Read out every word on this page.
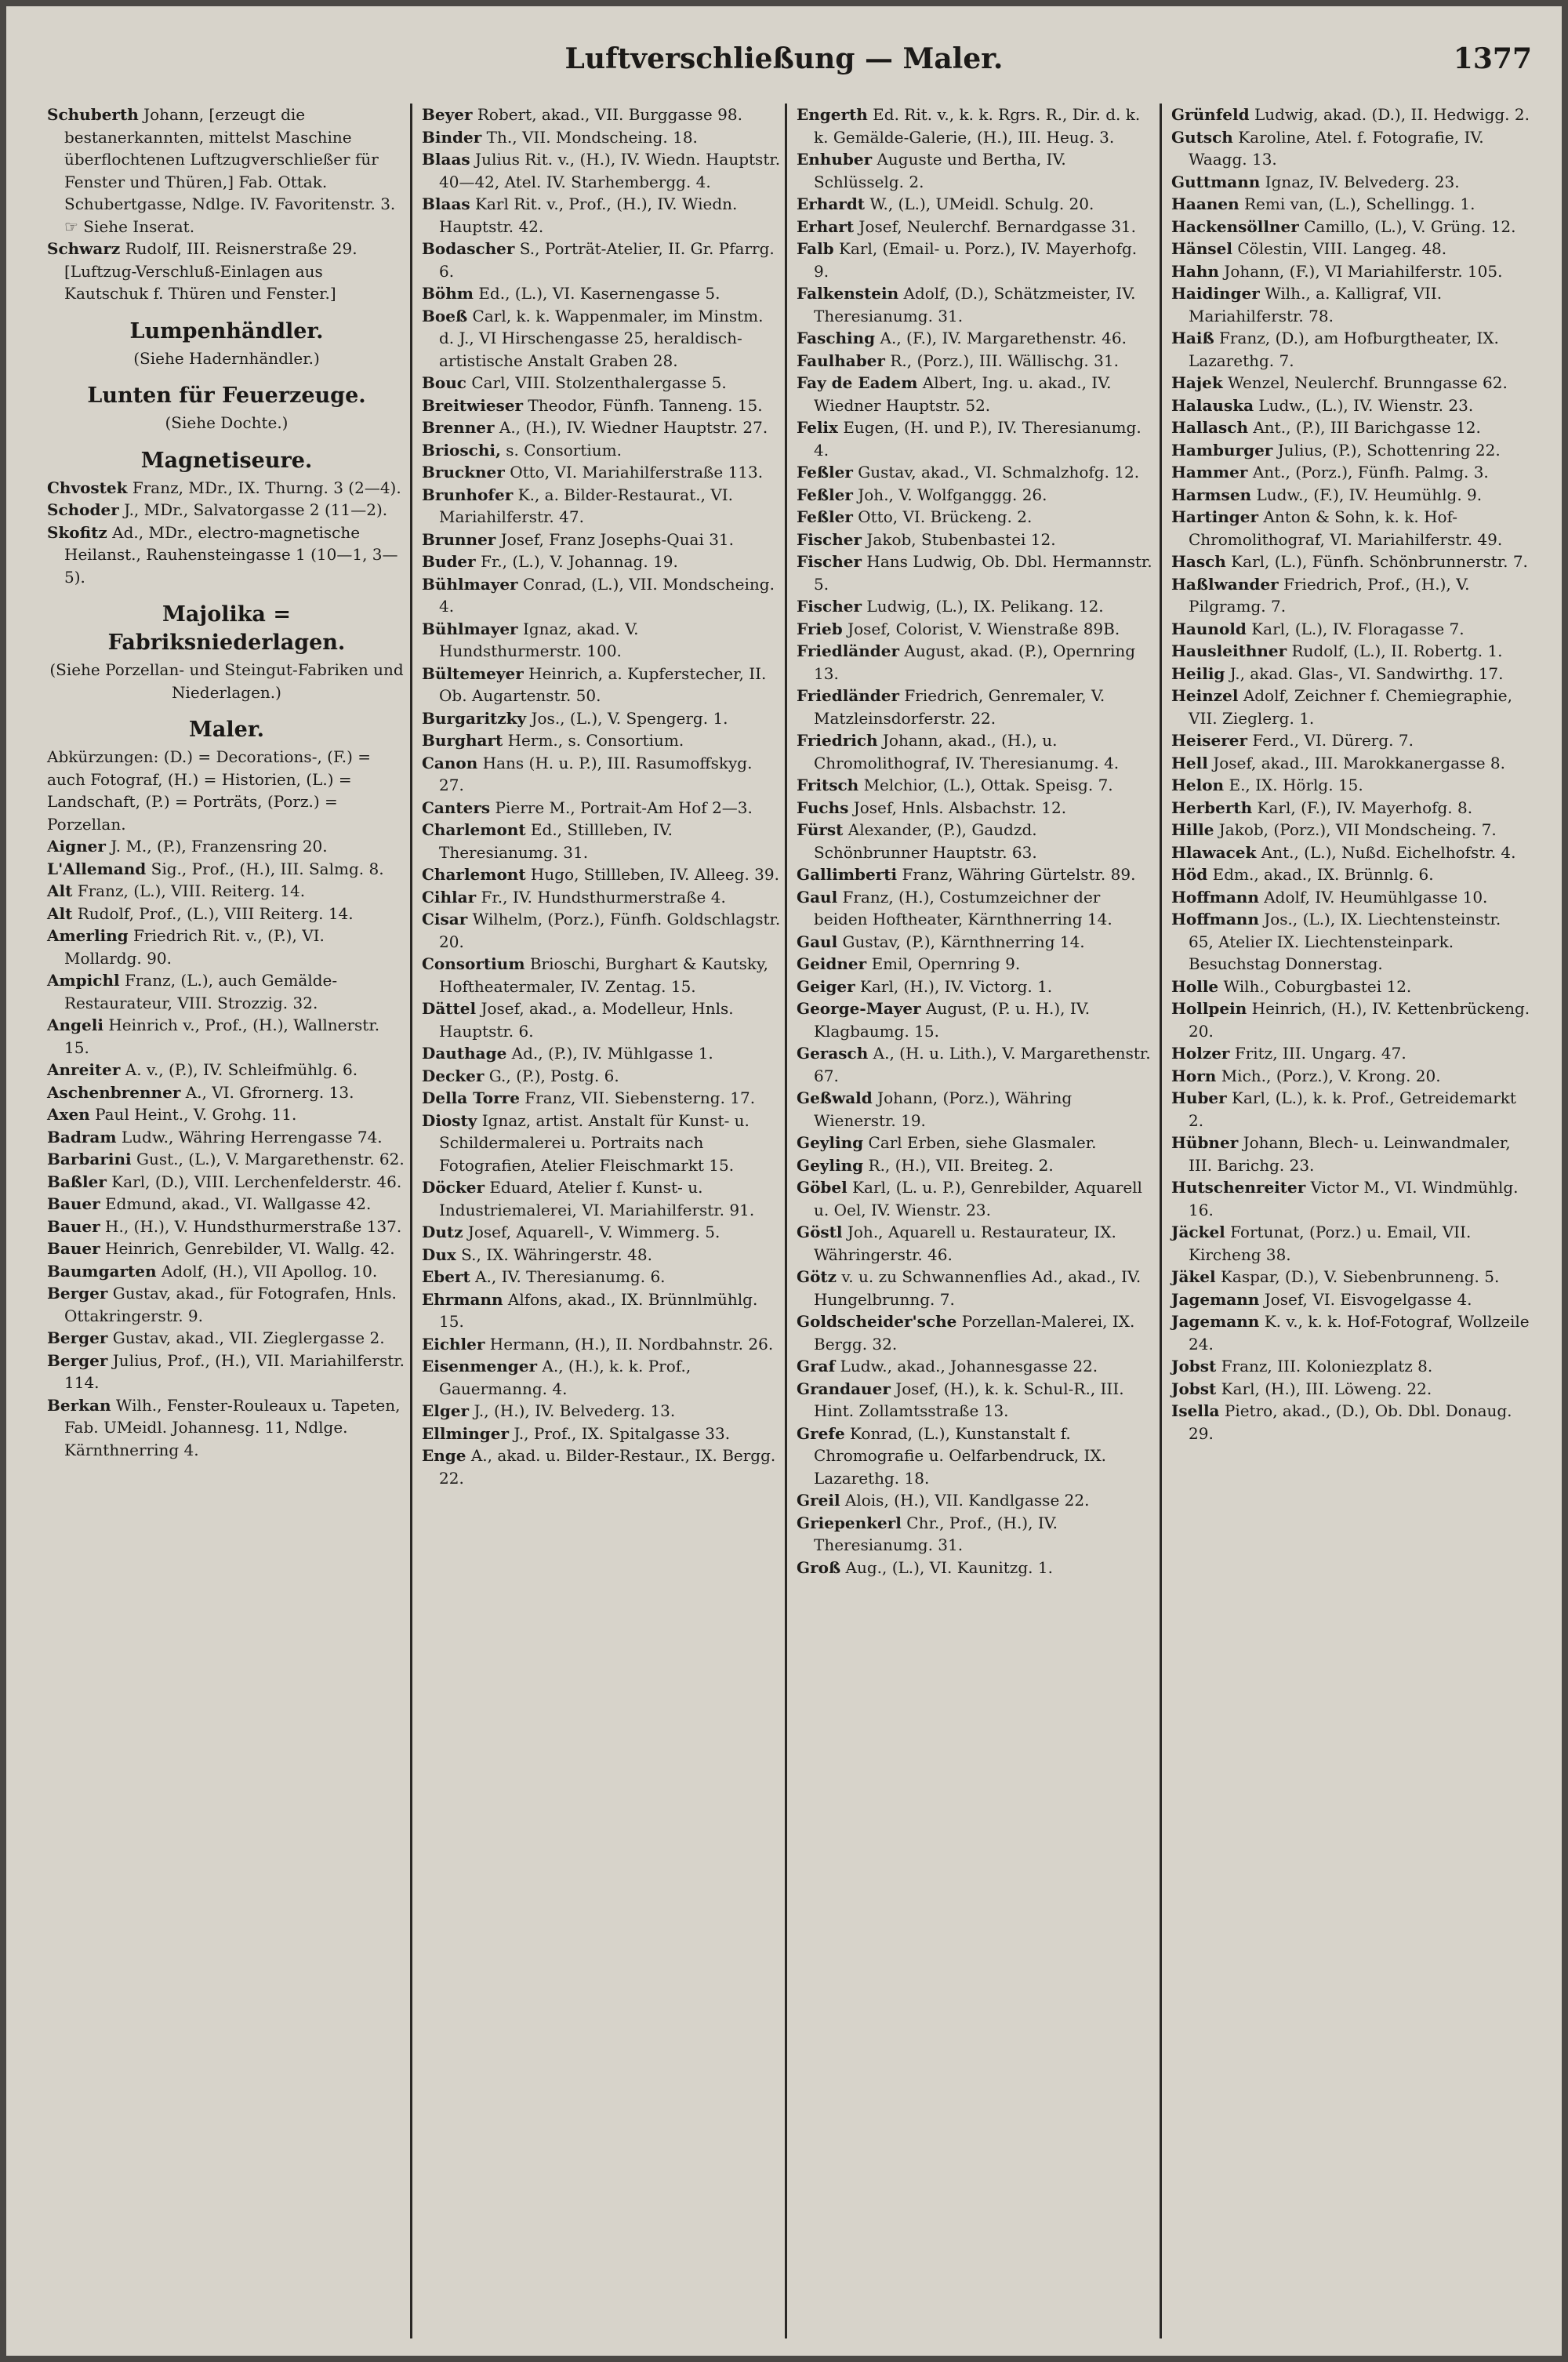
Luftverschließung — Maler.	1377
Schuberth Johann, [erzeugt die bestanerkannten, mittelst Maschine überflochtenen Luftzugverschließer für Fenster und Thüren,] Fab. Ottak. Schubertgasse, Ndlge. IV. Favoritenstr. 3. ☞ Siehe Inserat.
Schwarz Rudolf, III. Reisnerstraße 29. [Luftzug-Verschluß-Einlagen aus Kautschuk f. Thüren und Fenster.]
Lumpenhändler.
(Siehe Hadernhändler.)
Lunten für Feuerzeuge.
(Siehe Dochte.)
Magnetiseure.
Chvostek Franz, MDr., IX. Thurng. 3 (2—4).
Schoder J., MDr., Salvatorgasse 2 (11—2).
Skofitz Ad., MDr., electro-magnetische Heilanst., Rauhensteingasse 1 (10—1, 3—5).
Majolika = Fabriksniederlagen.
(Siehe Porzellan- und Steingut-Fabriken und Niederlagen.)
Maler.
Abkürzungen: (D.) = Decorations-, (F.) = auch Fotograf, (H.) = Historien, (L.) = Landschaft, (P.) = Porträts, (Porz.) = Porzellan.
Aigner J. M., (P.), Franzensring 20.
L'Allemand Sig., Prof., (H.), III. Salmg. 8.
Alt Franz, (L.), VIII. Reiterg. 14.
Alt Rudolf, Prof., (L.), VIII Reiterg. 14.
Amerling Friedrich Rit. v., (P.), VI. Mollardg. 90.
Ampichl Franz, (L.), auch Gemälde-Restaurateur, VIII. Strozzig. 32.
Angeli Heinrich v., Prof., (H.), Wallnerstr. 15.
Anreiter A. v., (P.), IV. Schleifmühlg. 6.
Aschenbrenner A., VI. Gfrornerg. 13.
Axen Paul Heint., V. Grohg. 11.
Badram Ludw., Währing Herrengasse 74.
Barbarini Gust., (L.), V. Margarethenstr. 62.
Baßler Karl, (D.), VIII. Lerchenfelderstr. 46.
Bauer Edmund, akad., VI. Wallgasse 42.
Bauer H., (H.), V. Hundsthurmerstraße 137.
Bauer Heinrich, Genrebilder, VI. Wallg. 42.
Baumgarten Adolf, (H.), VII Apollog. 10.
Berger Gustav, akad., für Fotografen, Hnls. Ottakringerstr. 9.
Berger Gustav, akad., VII. Zieglergasse 2.
Berger Julius, Prof., (H.), VII. Mariahilferstr. 114.
Berkan Wilh., Fenster-Rouleaux u. Tapeten, Fab. UMeidl. Johannesg. 11, Ndlge. Kärnthnerring 4.
Beyer Robert, akad., VII. Burggasse 98.
Binder Th., VII. Mondscheing. 18.
Blaas Julius Rit. v., (H.), IV. Wiedn. Hauptstr. 40—42, Atel. IV. Starhembergg. 4.
Blaas Karl Rit. v., Prof., (H.), IV. Wiedn. Hauptstr. 42.
Bodascher S., Porträt-Atelier, II. Gr. Pfarrg. 6.
Böhm Ed., (L.), VI. Kasernengasse 5.
Boeß Carl, k. k. Wappenmaler, im Minstm. d. J., VI Hirschengasse 25, heraldisch-artistische Anstalt Graben 28.
Bouc Carl, VIII. Stolzenthalergasse 5.
Breitwieser Theodor, Fünfh. Tanneng. 15.
Brenner A., (H.), IV. Wiedner Hauptstr. 27.
Brioschi, s. Consortium.
Bruckner Otto, VI. Mariahilferstraße 113.
Brunhofer K., a. Bilder-Restaurat., VI. Mariahilferstr. 47.
Brunner Josef, Franz Josephs-Quai 31.
Buder Fr., (L.), V. Johannag. 19.
Bühlmayer Conrad, (L.), VII. Mondscheing. 4.
Bühlmayer Ignaz, akad. V. Hundsthurmerstr. 100.
Bültemeyer Heinrich, a. Kupferstecher, II. Ob. Augartenstr. 50.
Burgaritzky Jos., (L.), V. Spengerg. 1.
Burghart Herm., s. Consortium.
Canon Hans (H. u. P.), III. Rasumoffskyg. 27.
Canters Pierre M., Portrait-Am Hof 2—3.
Charlemont Ed., Stillleben, IV. Theresianumg. 31.
Charlemont Hugo, Stillleben, IV. Alleeg. 39.
Cihlar Fr., IV. Hundsthurmerstraße 4.
Cisar Wilhelm, (Porz.), Fünfh. Goldschlagstr. 20.
Consortium Brioschi, Burghart & Kautsky, Hoftheatermaler, IV. Zentag. 15.
Dättel Josef, akad., a. Modelleur, Hnls. Hauptstr. 6.
Dauthage Ad., (P.), IV. Mühlgasse 1.
Decker G., (P.), Postg. 6.
Della Torre Franz, VII. Siebensterng. 17.
Diosty Ignaz, artist. Anstalt für Kunst- u. Schildermalerei u. Portraits nach Fotografien, Atelier Fleischmarkt 15.
Döcker Eduard, Atelier f. Kunst- u. Industriemalerei, VI. Mariahilferstr. 91.
Dutz Josef, Aquarell-, V. Wimmerg. 5.
Dux S., IX. Währingerstr. 48.
Ebert A., IV. Theresianumg. 6.
Ehrmann Alfons, akad., IX. Brünnlmühlg. 15.
Eichler Hermann, (H.), II. Nordbahnstr. 26.
Eisenmenger A., (H.), k. k. Prof., Gauermanng. 4.
Elger J., (H.), IV. Belvederg. 13.
Ellminger J., Prof., IX. Spitalgasse 33.
Enge A., akad. u. Bilder-Restaur., IX. Bergg. 22.
Engerth Ed. Rit. v., k. k. Rgrs. R., Dir. d. k. k. Gemälde-Galerie, (H.), III. Heug. 3.
Enhuber Auguste und Bertha, IV. Schlüsselg. 2.
Erhardt W., (L.), UMeidl. Schulg. 20.
Erhart Josef, Neulerchf. Bernardgasse 31.
Falb Karl, (Email- u. Porz.), IV. Mayerhofg. 9.
Falkenstein Adolf, (D.), Schätzmeister, IV. Theresianumg. 31.
Fasching A., (F.), IV. Margarethenstr. 46.
Faulhaber R., (Porz.), III. Wällischg. 31.
Fay de Eadem Albert, Ing. u. akad., IV. Wiedner Hauptstr. 52.
Felix Eugen, (H. und P.), IV. Theresianumg. 4.
Feßler Gustav, akad., VI. Schmalzhofg. 12.
Feßler Joh., V. Wolfganggg. 26.
Feßler Otto, VI. Brückeng. 2.
Fischer Jakob, Stubenbastei 12.
Fischer Hans Ludwig, Ob. Dbl. Hermannstr. 5.
Fischer Ludwig, (L.), IX. Pelikang. 12.
Frieb Josef, Colorist, V. Wienstraße 89B.
Friedländer August, akad. (P.), Opernring 13.
Friedländer Friedrich, Genremaler, V. Matzleinsdorferstr. 22.
Friedrich Johann, akad., (H.), u. Chromolithograf, IV. Theresianumg. 4.
Fritsch Melchior, (L.), Ottak. Speisg. 7.
Fuchs Josef, Hnls. Alsbachstr. 12.
Fürst Alexander, (P.), Gaudzd. Schönbrunner Hauptstr. 63.
Gallimberti Franz, Währing Gürtelstr. 89.
Gaul Franz, (H.), Costumzeichner der beiden Hoftheater, Kärnthnerring 14.
Gaul Gustav, (P.), Kärnthnerring 14.
Geidner Emil, Opernring 9.
Geiger Karl, (H.), IV. Victorg. 1.
George-Mayer August, (P. u. H.), IV. Klagbaumg. 15.
Gerasch A., (H. u. Lith.), V. Margarethenstr. 67.
Geßwald Johann, (Porz.), Währing Wienerstr. 19.
Geyling Carl Erben, siehe Glasmaler.
Geyling R., (H.), VII. Breiteg. 2.
Göbel Karl, (L. u. P.), Genrebilder, Aquarell u. Oel, IV. Wienstr. 23.
Göstl Joh., Aquarell u. Restaurateur, IX. Währingerstr. 46.
Götz v. u. zu Schwannenflies Ad., akad., IV. Hungelbrunng. 7.
Goldscheider'sche Porzellan-Malerei, IX. Bergg. 32.
Graf Ludw., akad., Johannesgasse 22.
Grandauer Josef, (H.), k. k. Schul-R., III. Hint. Zollamtsstraße 13.
Grefe Konrad, (L.), Kunstanstalt f. Chromografie u. Oelfarbendruck, IX. Lazarethg. 18.
Greil Alois, (H.), VII. Kandlgasse 22.
Griepenkerl Chr., Prof., (H.), IV. Theresianumg. 31.
Groß Aug., (L.), VI. Kaunitzg. 1.
Grünfeld Ludwig, akad. (D.), II. Hedwigg. 2.
Gutsch Karoline, Atel. f. Fotografie, IV. Waagg. 13.
Guttmann Ignaz, IV. Belvederg. 23.
Haanen Remi van, (L.), Schellingg. 1.
Hackensöllner Camillo, (L.), V. Grüng. 12.
Hänsel Cölestin, VIII. Langeg. 48.
Hahn Johann, (F.), VI Mariahilferstr. 105.
Haidinger Wilh., a. Kalligraf, VII. Mariahilferstr. 78.
Haiß Franz, (D.), am Hofburgtheater, IX. Lazarethg. 7.
Hajek Wenzel, Neulerchf. Brunngasse 62.
Halauska Ludw., (L.), IV. Wienstr. 23.
Hallasch Ant., (P.), III Barichgasse 12.
Hamburger Julius, (P.), Schottenring 22.
Hammer Ant., (Porz.), Fünfh. Palmg. 3.
Harmsen Ludw., (F.), IV. Heumühlg. 9.
Hartinger Anton & Sohn, k. k. Hof-Chromolithograf, VI. Mariahilferstr. 49.
Hasch Karl, (L.), Fünfh. Schönbrunnerstr. 7.
Haßlwander Friedrich, Prof., (H.), V. Pilgramg. 7.
Haunold Karl, (L.), IV. Floragasse 7.
Hausleithner Rudolf, (L.), II. Robertg. 1.
Heilig J., akad. Glas-, VI. Sandwirthg. 17.
Heinzel Adolf, Zeichner f. Chemiegraphie, VII. Zieglerg. 1.
Heiserer Ferd., VI. Dürerg. 7.
Hell Josef, akad., III. Marokkanergasse 8.
Helon E., IX. Hörlg. 15.
Herberth Karl, (F.), IV. Mayerhofg. 8.
Hille Jakob, (Porz.), VII Mondscheing. 7.
Hlawacek Ant., (L.), Nußd. Eichelhofstr. 4.
Höd Edm., akad., IX. Brünnlg. 6.
Hoffmann Adolf, IV. Heumühlgasse 10.
Hoffmann Jos., (L.), IX. Liechtensteinstr. 65, Atelier IX. Liechtensteinpark. Besuchstag Donnerstag.
Holle Wilh., Coburgbastei 12.
Hollpein Heinrich, (H.), IV. Kettenbrückeng. 20.
Holzer Fritz, III. Ungarg. 47.
Horn Mich., (Porz.), V. Krong. 20.
Huber Karl, (L.), k. k. Prof., Getreidemarkt 2.
Hübner Johann, Blech- u. Leinwandmaler, III. Barichg. 23.
Hutschenreiter Victor M., VI. Windmühlg. 16.
Jäckel Fortunat, (Porz.) u. Email, VII. Kircheng 38.
Jäkel Kaspar, (D.), V. Siebenbrunneng. 5.
Jagemann Josef, VI. Eisvogelgasse 4.
Jagemann K. v., k. k. Hof-Fotograf, Wollzeile 24.
Jobst Franz, III. Koloniezplatz 8.
Jobst Karl, (H.), III. Löweng. 22.
Isella Pietro, akad., (D.), Ob. Dbl. Donaug. 29.
